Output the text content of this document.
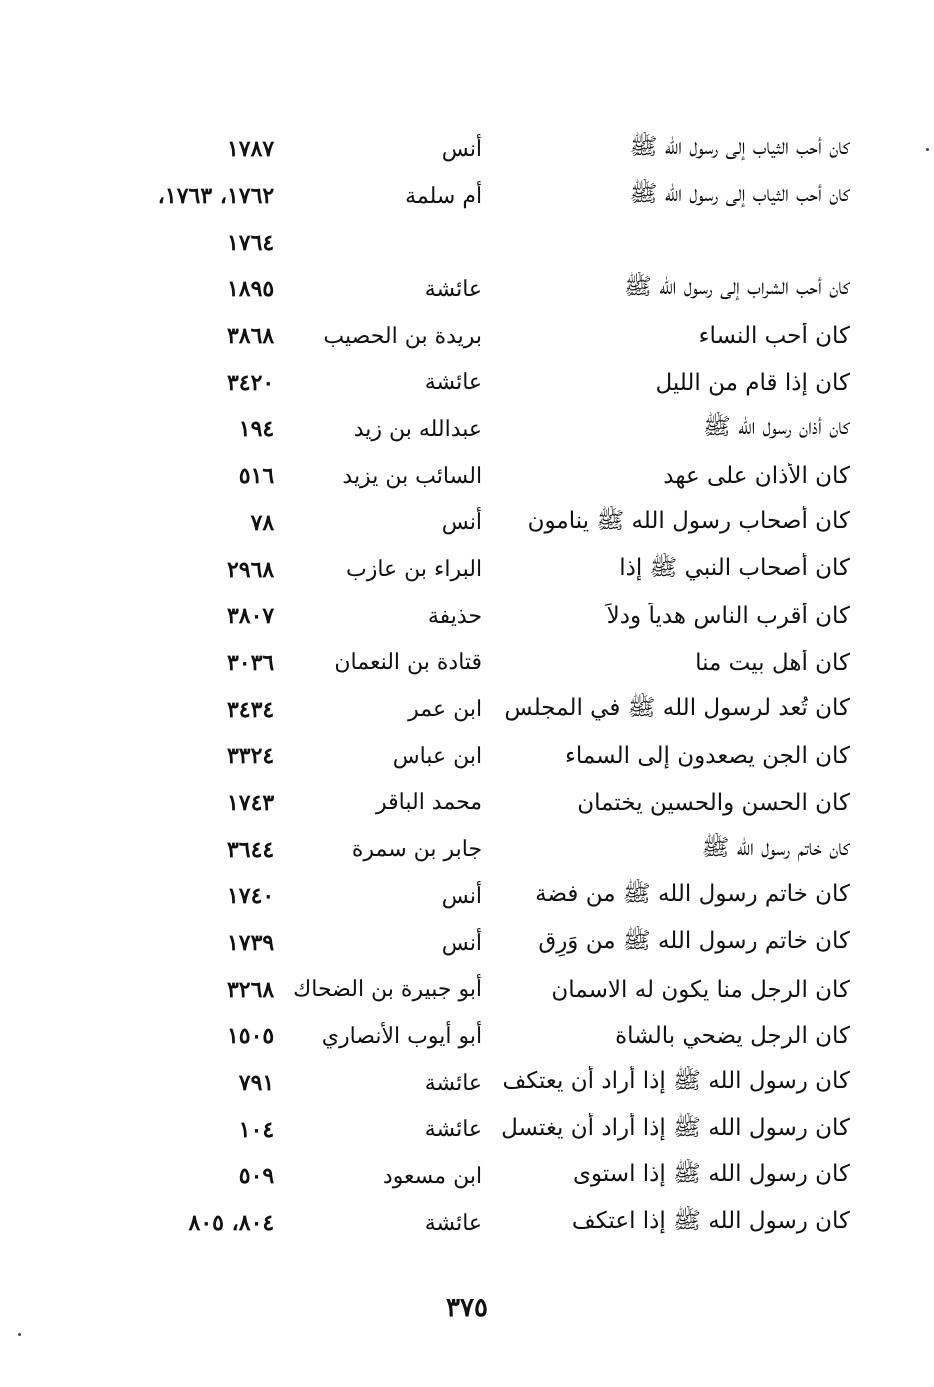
كان أحب الثياب إلى رسول الله ﷺ
أنس
١٧٨٧
كان أحب الثياب إلى رسول الله ﷺ
أم سلمة
١٧٦٢، ١٧٦٣،
١٧٦٤
كان أحب الشراب إلى رسول الله ﷺ
عائشة
١٨٩٥
كان أحب النساء
بريدة بن الحصيب
٣٨٦٨
كان إذا قام من الليل
عائشة
٣٤٢٠
كان أذان رسول الله ﷺ
عبدالله بن زيد
١٩٤
كان الأذان على عهد
السائب بن يزيد
٥١٦
كان أصحاب رسول الله ﷺ ينامون
أنس
٧٨
كان أصحاب النبي ﷺ إذا
البراء بن عازب
٢٩٦٨
كان أقرب الناس هدياً ودلاً
حذيفة
٣٨٠٧
كان أهل بيت منا
قتادة بن النعمان
٣٠٣٦
كان تُعد لرسول الله ﷺ في المجلس
ابن عمر
٣٤٣٤
كان الجن يصعدون إلى السماء
ابن عباس
٣٣٢٤
كان الحسن والحسين يختمان
محمد الباقر
١٧٤٣
كان خاتم رسول الله ﷺ
جابر بن سمرة
٣٦٤٤
كان خاتم رسول الله ﷺ من فضة
أنس
١٧٤٠
كان خاتم رسول الله ﷺ من وَرِق
أنس
١٧٣٩
كان الرجل منا يكون له الاسمان
أبو جبيرة بن الضحاك
٣٢٦٨
كان الرجل يضحي بالشاة
أبو أيوب الأنصاري
١٥٠٥
كان رسول الله ﷺ إذا أراد أن يعتكف
عائشة
٧٩١
كان رسول الله ﷺ إذا أراد أن يغتسل
عائشة
١٠٤
كان رسول الله ﷺ إذا استوى
ابن مسعود
٥٠٩
كان رسول الله ﷺ إذا اعتكف
عائشة
٨٠٤، ٨٠٥
٣٧٥
